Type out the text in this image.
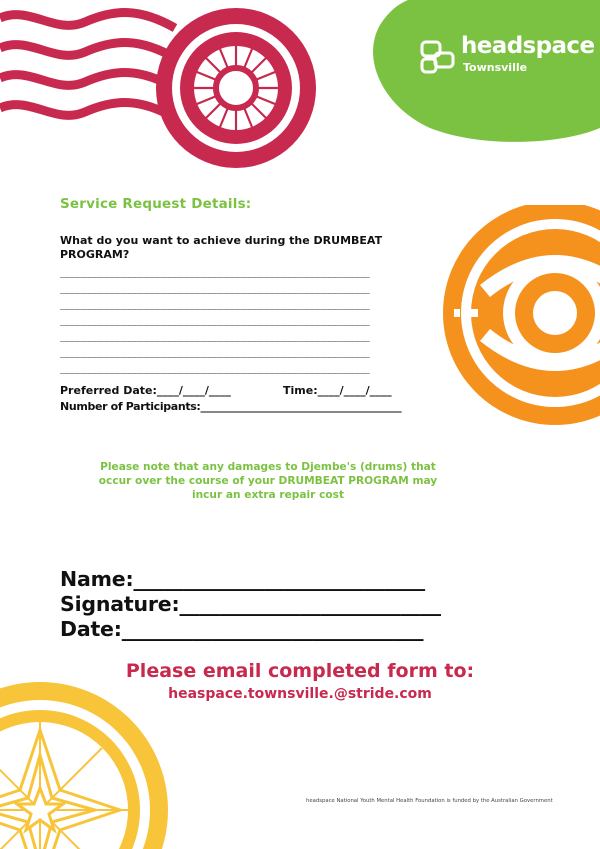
headspace
Townsville
Service Request Details:
What do you want to achieve during the DRUMBEAT PROGRAM?
______________________________________________________
______________________________________________________
______________________________________________________
______________________________________________________
______________________________________________________
______________________________________________________
______________________________________________________
Preferred Date:____/____/____	Time:____/____/____
Number of Participants:_______________________________________
Please note that any damages to Djembe's (drums) that
occur over the course of your DRUMBEAT PROGRAM may
incur an extra repair cost
Name:_____________________________
Signature:__________________________
Date:______________________________
Please email completed form to:
heaspace.townsville.@stride.com
headspace National Youth Mental Health Foundation is funded by the Australian Government
